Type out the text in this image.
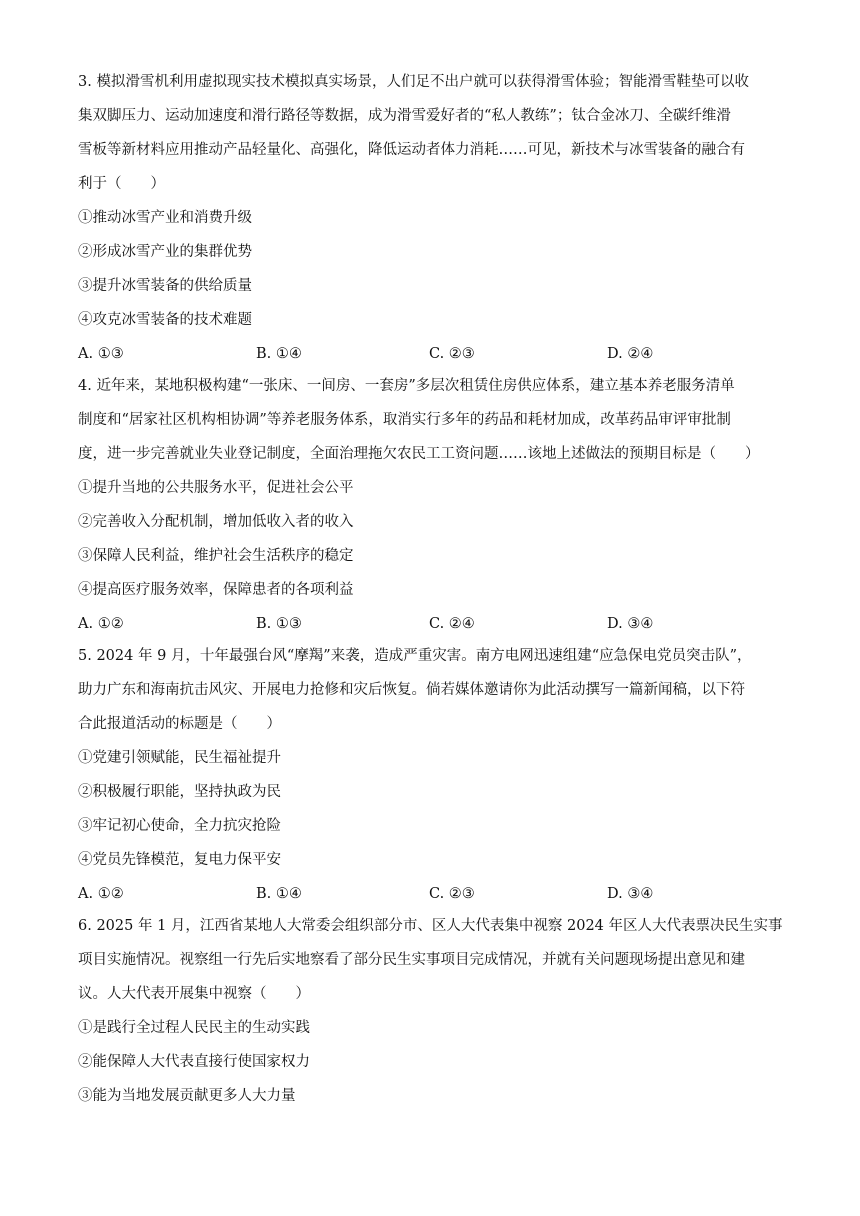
3. 模拟滑雪机利用虚拟现实技术模拟真实场景，人们足不出户就可以获得滑雪体验；智能滑雪鞋垫可以收
集双脚压力、运动加速度和滑行路径等数据，成为滑雪爱好者的“私人教练”；钛合金冰刀、全碳纤维滑
雪板等新材料应用推动产品轻量化、高强化，降低运动者体力消耗……可见，新技术与冰雪装备的融合有
利于（　　）
①推动冰雪产业和消费升级
②形成冰雪产业的集群优势
③提升冰雪装备的供给质量
④攻克冰雪装备的技术难题
A. ①③	B. ①④	C. ②③	D. ②④
4. 近年来，某地积极构建“一张床、一间房、一套房”多层次租赁住房供应体系，建立基本养老服务清单
制度和“居家社区机构相协调”等养老服务体系，取消实行多年的药品和耗材加成，改革药品审评审批制
度，进一步完善就业失业登记制度，全面治理拖欠农民工工资问题……该地上述做法的预期目标是（　　）
①提升当地的公共服务水平，促进社会公平
②完善收入分配机制，增加低收入者的收入
③保障人民利益，维护社会生活秩序的稳定
④提高医疗服务效率，保障患者的各项利益
A. ①②	B. ①③	C. ②④	D. ③④
5. 2024 年 9 月，十年最强台风“摩羯”来袭，造成严重灾害。南方电网迅速组建“应急保电党员突击队”，
助力广东和海南抗击风灾、开展电力抢修和灾后恢复。倘若媒体邀请你为此活动撰写一篇新闻稿，以下符
合此报道活动的标题是（　　）
①党建引领赋能，民生福祉提升
②积极履行职能，坚持执政为民
③牢记初心使命，全力抗灾抢险
④党员先锋模范，复电力保平安
A. ①②	B. ①④	C. ②③	D. ③④
6. 2025 年 1 月，江西省某地人大常委会组织部分市、区人大代表集中视察 2024 年区人大代表票决民生实事
项目实施情况。视察组一行先后实地察看了部分民生实事项目完成情况，并就有关问题现场提出意见和建
议。人大代表开展集中视察（　　）
①是践行全过程人民民主的生动实践
②能保障人大代表直接行使国家权力
③能为当地发展贡献更多人大力量
